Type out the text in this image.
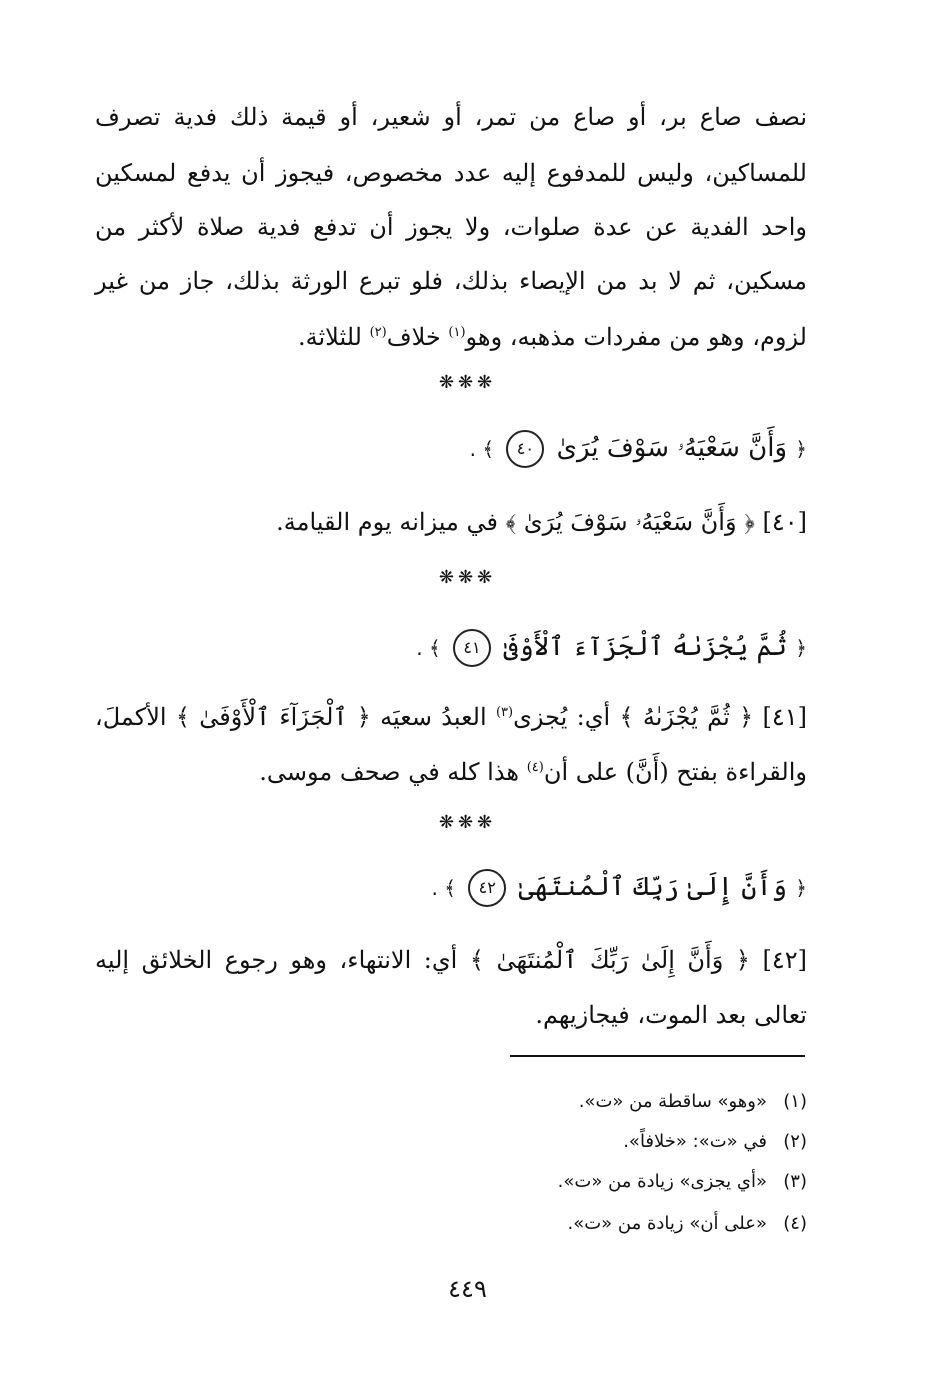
نصف صاع بر، أو صاع من تمر، أو شعير، أو قيمة ذلك فدية تصرف
للمساكين، وليس للمدفوع إليه عدد مخصوص، فيجوز أن يدفع لمسكين
واحد الفدية عن عدة صلوات، ولا يجوز أن تدفع فدية صلاة لأكثر من
مسكين، ثم لا بد من الإيصاء بذلك، فلو تبرع الورثة بذلك، جاز من غير
لزوم، وهو من مفردات مذهبه، وهو$^{(١)}$ خلاف$^{(٢)}$ للثلاثة.
❋❋❋
﴿ وَأَنَّ سَعْيَهُۥ سَوْفَ يُرَىٰ ٤٠ ﴾ .
[٤٠] ﴿ وَأَنَّ سَعْيَهُۥ سَوْفَ يُرَىٰ ﴾ في ميزانه يوم القيامة.
❋❋❋
﴿ ثُمَّ يُجْزَىٰهُ ٱلْجَزَآءَ ٱلْأَوْفَىٰ ٤١ ﴾ .
[٤١] ﴿ ثُمَّ يُجْزَىٰهُ ﴾ أي: يُجزى$^{(٣)}$ العبدُ سعيَه ﴿ ٱلْجَزَآءَ ٱلْأَوْفَىٰ ﴾ الأكملَ،
والقراءة بفتح (أَنَّ) على أن$^{(٤)}$ هذا كله في صحف موسى.
❋❋❋
﴿ وَأَنَّ إِلَىٰ رَبِّكَ ٱلْمُنتَهَىٰ ٤٢ ﴾ .
[٤٢] ﴿ وَأَنَّ إِلَىٰ رَبِّكَ ٱلْمُنتَهَىٰ ﴾ أي: الانتهاء، وهو رجوع الخلائق إليه
تعالى بعد الموت، فيجازيهم.
(١)«وهو» ساقطة من «ت».
(٢)في «ت»: «خلافاً».
(٣)«أي يجزى» زيادة من «ت».
(٤)«على أن» زيادة من «ت».
٤٤٩
